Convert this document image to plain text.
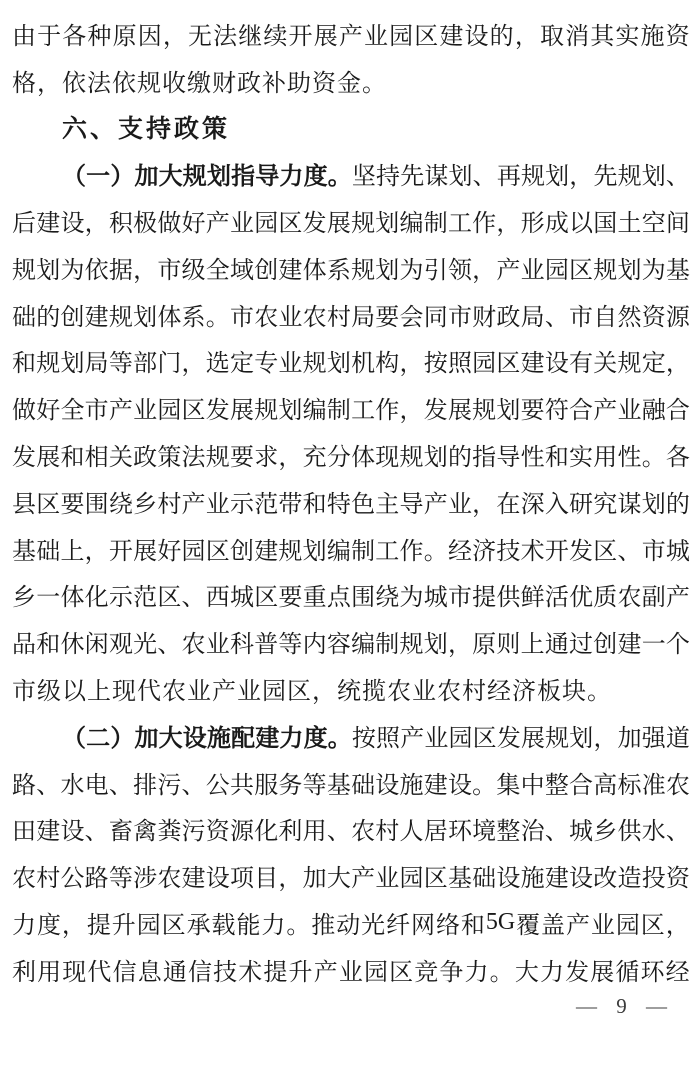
由 于 各 种 原 因 ， 无 法 继 续 开 展 产 业 园 区 建 设 的 ， 取 消 其 实 施 资
格，依法依规收缴财政补助资金。
六、支持政策
（ 一 ） 加 大 规 划 指 导 力 度 。 坚 持 先 谋 划 、 再 规 划 ， 先 规 划 、
后 建 设 ， 积 极 做 好 产 业 园 区 发 展 规 划 编 制 工 作 ， 形 成 以 国 土 空 间
规 划 为 依 据 ， 市 级 全 域 创 建 体 系 规 划 为 引 领 ， 产 业 园 区 规 划 为 基
础 的 创 建 规 划 体 系 。 市 农 业 农 村 局 要 会 同 市 财 政 局 、 市 自 然 资 源
和 规 划 局 等 部 门 ， 选 定 专 业 规 划 机 构 ， 按 照 园 区 建 设 有 关 规 定 ，
做 好 全 市 产 业 园 区 发 展 规 划 编 制 工 作 ， 发 展 规 划 要 符 合 产 业 融 合
发 展 和 相 关 政 策 法 规 要 求 ， 充 分 体 现 规 划 的 指 导 性 和 实 用 性 。 各
县 区 要 围 绕 乡 村 产 业 示 范 带 和 特 色 主 导 产 业 ， 在 深 入 研 究 谋 划 的
基 础 上 ， 开 展 好 园 区 创 建 规 划 编 制 工 作 。 经 济 技 术 开 发 区 、 市 城
乡 一 体 化 示 范 区 、 西 城 区 要 重 点 围 绕 为 城 市 提 供 鲜 活 优 质 农 副 产
品 和 休 闲 观 光 、 农 业 科 普 等 内 容 编 制 规 划 ， 原 则 上 通 过 创 建 一 个
市级以上现代农业产业园区，统揽农业农村经济板块。
（ 二 ） 加 大 设 施 配 建 力 度 。 按 照 产 业 园 区 发 展 规 划 ， 加 强 道
路 、 水 电 、 排 污 、 公 共 服 务 等 基 础 设 施 建 设 。 集 中 整 合 高 标 准 农
田 建 设 、 畜 禽 粪 污 资 源 化 利 用 、 农 村 人 居 环 境 整 治 、 城 乡 供 水 、
农 村 公 路 等 涉 农 建 设 项 目 ， 加 大 产 业 园 区 基 础 设 施 建 设 改 造 投 资
力 度 ， 提 升 园 区 承 载 能 力 。 推 动 光 纤 网 络 和 5G 覆 盖 产 业 园 区 ，
利 用 现 代 信 息 通 信 技 术 提 升 产 业 园 区 竞 争 力 。 大 力 发 展 循 环 经
— 9 —
